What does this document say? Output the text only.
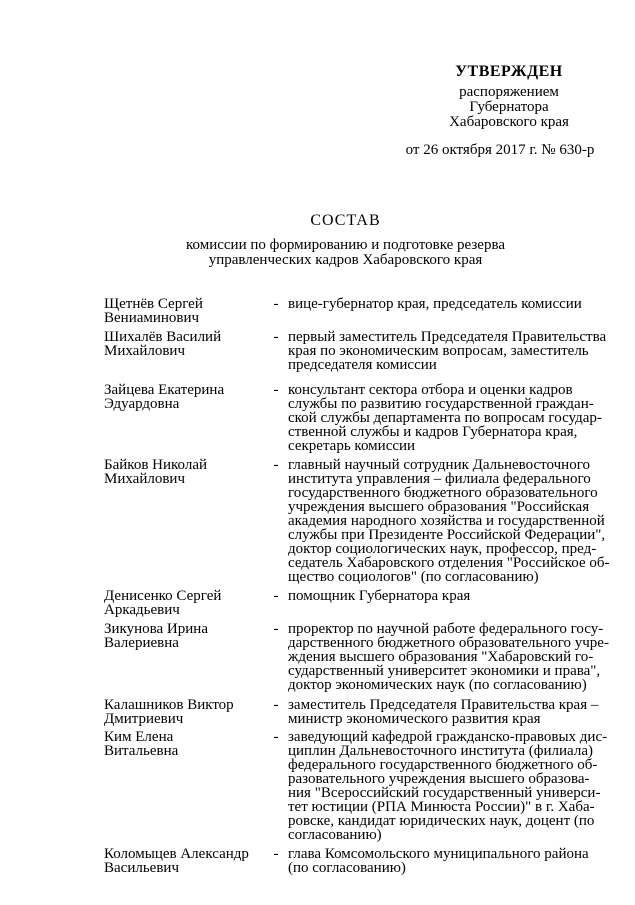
УТВЕРЖДЕН
распоряжением
Губернатора
Хабаровского края
от 26 октября 2017 г. № 630-р
СОСТАВ
комиссии по формированию и подготовке резерва
управленческих кадров Хабаровского края
Щетнёв Сергей
Вениаминович
- вице-губернатор края, председатель комиссии
Шихалёв Василий
Михайлович
- первый заместитель Председателя Правительства
края по экономическим вопросам, заместитель
председателя комиссии
Зайцева Екатерина
Эдуардовна
- консультант сектора отбора и оценки кадров
службы по развитию государственной граждан-
ской службы департамента по вопросам государ-
ственной службы и кадров Губернатора края,
секретарь комиссии
Байков Николай
Михайлович
- главный научный сотрудник Дальневосточного
института управления – филиала федерального
государственного бюджетного образовательного
учреждения высшего образования "Российская
академия народного хозяйства и государственной
службы при Президенте Российской Федерации",
доктор социологических наук, профессор, пред-
седатель Хабаровского отделения "Российское об-
щество социологов" (по согласованию)
Денисенко Сергей
Аркадьевич
- помощник Губернатора края
Зикунова Ирина
Валериевна
- проректор по научной работе федерального госу-
дарственного бюджетного образовательного учре-
ждения высшего образования "Хабаровский го-
сударственный университет экономики и права",
доктор экономических наук (по согласованию)
Калашников Виктор
Дмитриевич
- заместитель Председателя Правительства края –
министр экономического развития края
Ким Елена
Витальевна
- заведующий кафедрой гражданско-правовых дис-
циплин Дальневосточного института (филиала)
федерального государственного бюджетного об-
разовательного учреждения высшего образова-
ния "Всероссийский государственный универси-
тет юстиции (РПА Минюста России)" в г. Хаба-
ровске, кандидат юридических наук, доцент (по
согласованию)
Коломыцев Александр
Васильевич
- глава Комсомольского муниципального района
(по согласованию)
